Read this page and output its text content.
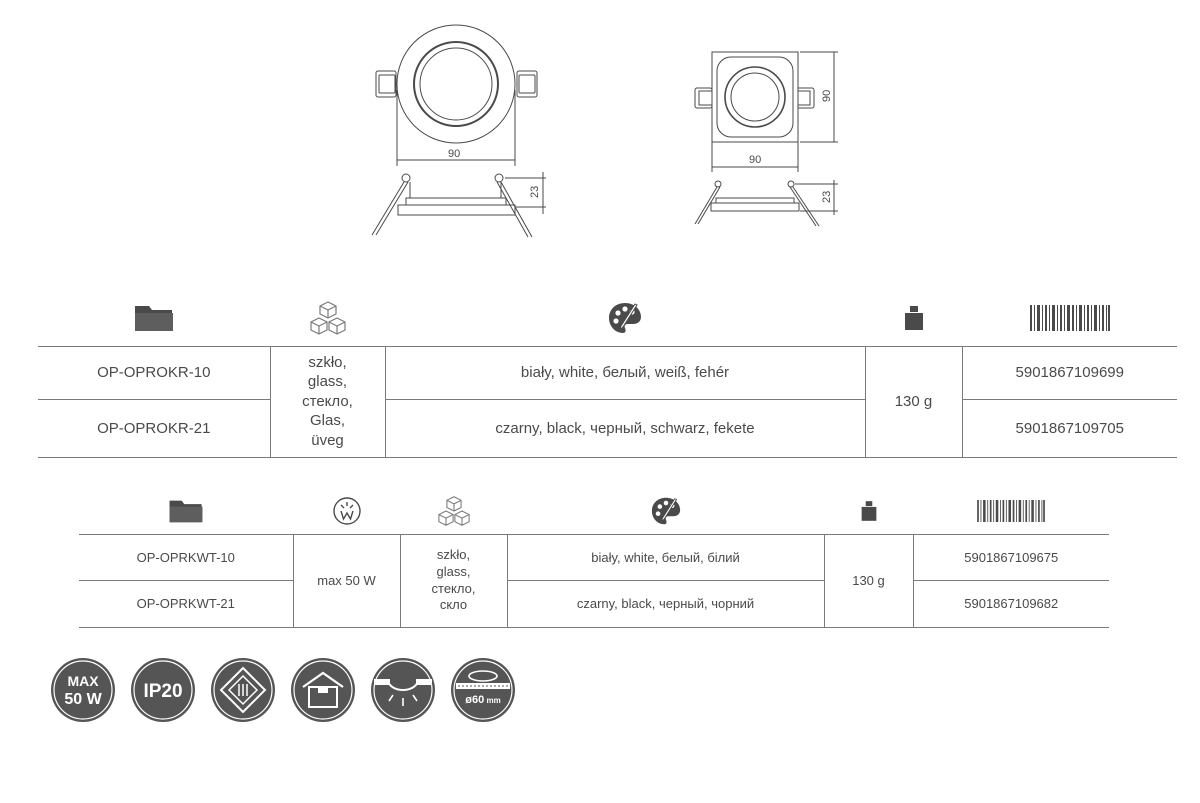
90
23
90
90
23

OP-OPROKR-10	szkło,
glass,
стекло,
Glas,
üveg	biały, white, белый, weiß, fehér	130 g	5901867109699
OP-OPROKR-21		czarny, black, черный, schwarz, fekete		5901867109705

OP-OPRKWT-10	max 50 W	szkło,
glass,
стекло,
скло	biały, white, белый, білий	130 g	5901867109675
OP-OPRKWT-21			czarny, black, черный, чорний		5901867109682
MAX
50 W IP20	ø60 mm
